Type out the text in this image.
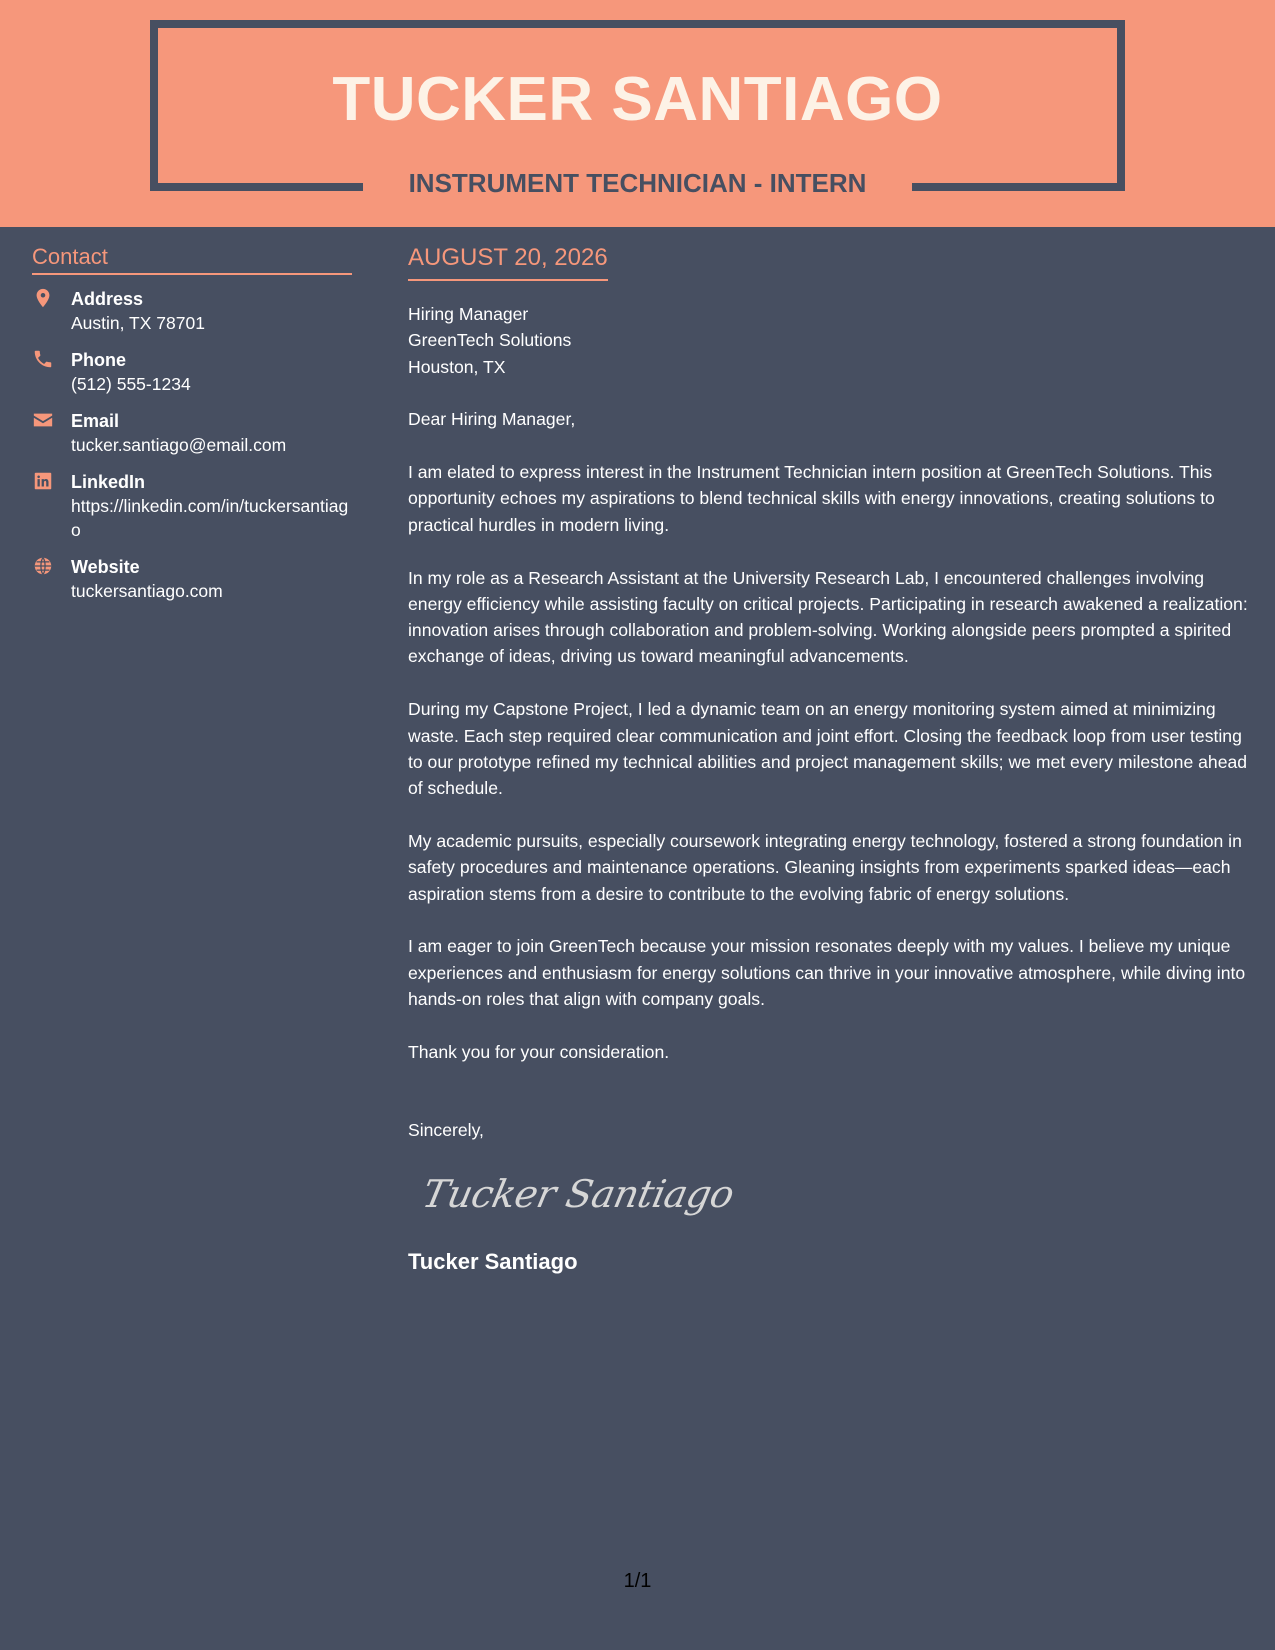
TUCKER SANTIAGO
INSTRUMENT TECHNICIAN - INTERN
Contact
Address
Austin, TX 78701
Phone
(512) 555-1234
Email
tucker.santiago@email.com
LinkedIn
https://linkedin.com/in/tuckersantiago
Website
tuckersantiago.com
AUGUST 20, 2026
Hiring Manager
GreenTech Solutions
Houston, TX

Dear Hiring Manager,

I am elated to express interest in the Instrument Technician intern position at GreenTech Solutions. This opportunity echoes my aspirations to blend technical skills with energy innovations, creating solutions to practical hurdles in modern living.

In my role as a Research Assistant at the University Research Lab, I encountered challenges involving energy efficiency while assisting faculty on critical projects. Participating in research awakened a realization: innovation arises through collaboration and problem-solving. Working alongside peers prompted a spirited exchange of ideas, driving us toward meaningful advancements.

During my Capstone Project, I led a dynamic team on an energy monitoring system aimed at minimizing waste. Each step required clear communication and joint effort. Closing the feedback loop from user testing to our prototype refined my technical abilities and project management skills; we met every milestone ahead of schedule.

My academic pursuits, especially coursework integrating energy technology, fostered a strong foundation in safety procedures and maintenance operations. Gleaning insights from experiments sparked ideas—each aspiration stems from a desire to contribute to the evolving fabric of energy solutions.

I am eager to join GreenTech because your mission resonates deeply with my values. I believe my unique experiences and enthusiasm for energy solutions can thrive in your innovative atmosphere, while diving into hands-on roles that align with company goals.

Thank you for your consideration.

Sincerely,
Tucker Santiago
Tucker Santiago
1/1
